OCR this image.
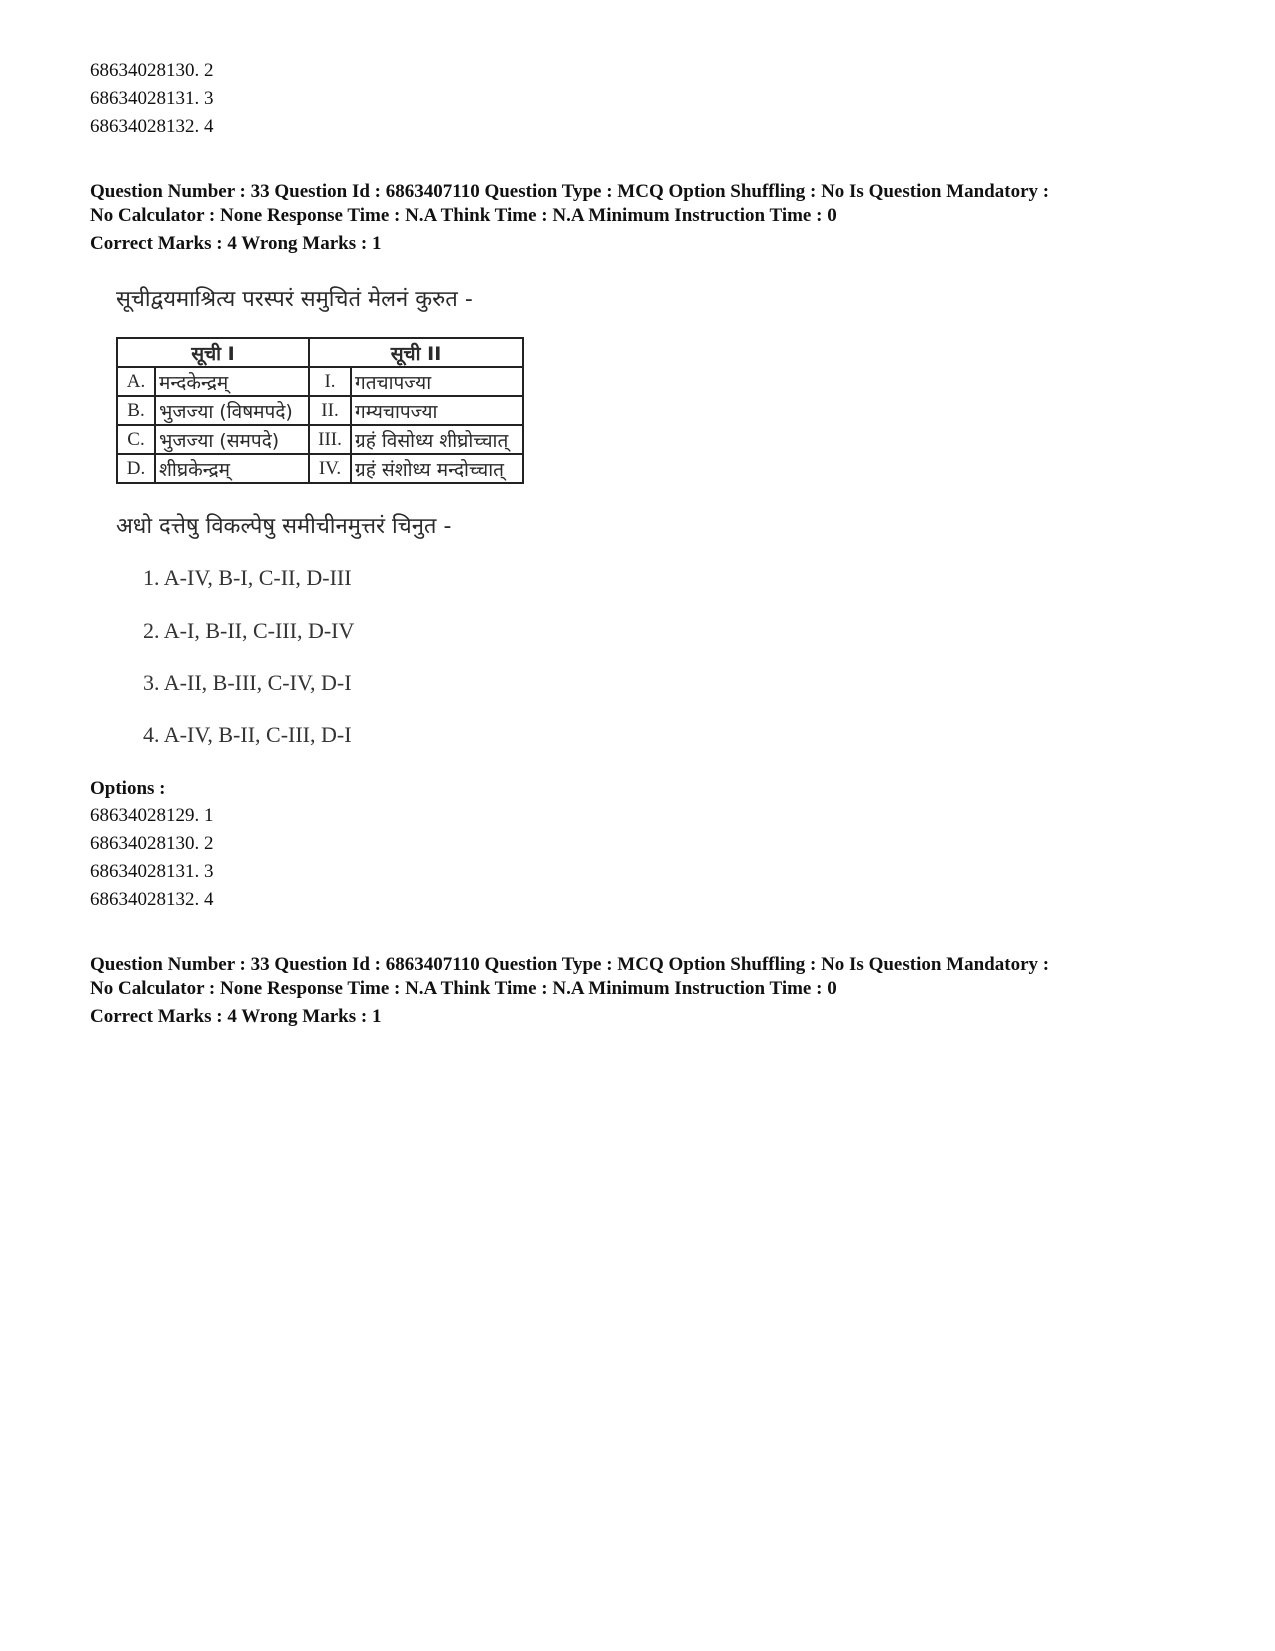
68634028130. 2
68634028131. 3
68634028132. 4
Question Number : 33 Question Id : 6863407110 Question Type : MCQ Option Shuffling : No Is Question Mandatory :
No Calculator : None Response Time : N.A Think Time : N.A Minimum Instruction Time : 0
Correct Marks : 4 Wrong Marks : 1
सूचीद्वयमाश्रित्य परस्परं समुचितं मेलनं कुरुत -
सूची I		सूची II	
A.	मन्दकेन्द्रम्	I.	गतचापज्या
B.	भुजज्या (विषमपदे)	II.	गम्यचापज्या
C.	भुजज्या (समपदे)	III.	ग्रहं विसोध्य शीघ्रोच्चात्
D.	शीघ्रकेन्द्रम्	IV.	ग्रहं संशोध्य मन्दोच्चात्
अधो दत्तेषु विकल्पेषु समीचीनमुत्तरं चिनुत -
1. A-IV, B-I, C-II, D-III
2. A-I, B-II, C-III, D-IV
3. A-II, B-III, C-IV, D-I
4. A-IV, B-II, C-III, D-I
Options :
68634028129. 1
68634028130. 2
68634028131. 3
68634028132. 4
Question Number : 33 Question Id : 6863407110 Question Type : MCQ Option Shuffling : No Is Question Mandatory :
No Calculator : None Response Time : N.A Think Time : N.A Minimum Instruction Time : 0
Correct Marks : 4 Wrong Marks : 1
